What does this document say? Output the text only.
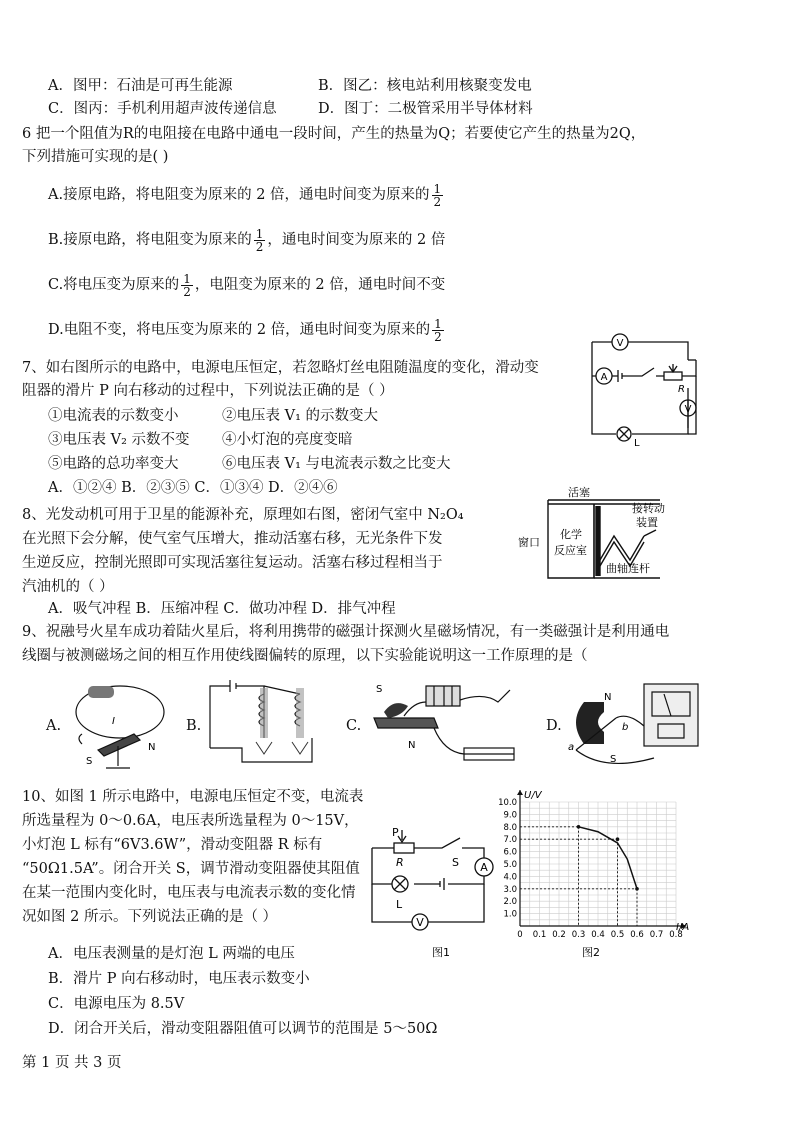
A．图甲：石油是可再生能源	B．图乙：核电站利用核聚变发电
C．图丙：手机利用超声波传递信息	D．图丁：二极管采用半导体材料
6 把一个阻值为R的电阻接在电路中通电一段时间，产生的热量为Q；若要使它产生的热量为2Q，
下列措施可实现的是( )
A.接原电路，将电阻变为原来的 2 倍，通电时间变为原来的 $\frac{1}{2}$
B.接原电路，将电阻变为原来的 $\frac{1}{2}$ ，通电时间变为原来的 2 倍
C.将电压变为原来的 $\frac{1}{2}$ ，电阻变为原来的 2 倍，通电时间不变
D.电阻不变，将电压变为原来的 2 倍，通电时间变为原来的 $\frac{1}{2}$
7、如右图所示的电路中，电源电压恒定，若忽略灯丝电阻随温度的变化，滑动变
阻器的滑片 P 向右移动的过程中，下列说法正确的是（ ）
①电流表的示数变小	②电压表 V₁ 的示数变大
③电压表 V₂ 示数不变 ④小灯泡的亮度变暗
⑤电路的总功率变大	⑥电压表 V₁ 与电流表示数之比变大
A．①②④ B．②③⑤ C．①③④ D．②④⑥
V
A
V
R
L
8、光发动机可用于卫星的能源补充，原理如右图，密闭气室中 N₂O₄
在光照下会分解，使气室气压增大，推动活塞右移，无光条件下发
生逆反应，控制光照即可实现活塞往复运动。活塞右移过程相当于
汽油机的（ ）
A．吸气冲程 B．压缩冲程 C．做功冲程 D．排气冲程
活塞
窗口
化学
反应室
曲轴连杆
接转动
装置
9、祝融号火星车成功着陆火星后，将利用携带的磁强计探测火星磁场情况，有一类磁强计是利用通电
线圈与被测磁场之间的相互作用使线圈偏转的原理，以下实验能说明这一工作原理的是（
A.	I
S
N
B.	C.
S
N
D.
N
S
a
b
10、如图 1 所示电路中，电源电压恒定不变，电流表
所选量程为 0～0.6A，电压表所选量程为 0～15V，
小灯泡 L 标有“6V3.6W”，滑动变阻器 R 标有
“50Ω1.5A”。闭合开关 S，调节滑动变阻器使其阻值
在某一范围内变化时，电压表与电流表示数的变化情
况如图 2 所示。下列说法正确的是（ ）
A．电压表测量的是灯泡 L 两端的电压
B．滑片 P 向右移动时，电压表示数变小
C．电源电压为 8.5V
D．闭合开关后，滑动变阻器阻值可以调节的范围是 5～50Ω
P
R	S A
L
V
图1
0 0.1 0.2 0.3 0.4 0.5 0.6 0.7 0.8
1.0
2.0
3.0
4.0
5.0
6.0
7.0
8.0
9.0
10.0
U/V
I/A
图2
第 1 页 共 3 页
